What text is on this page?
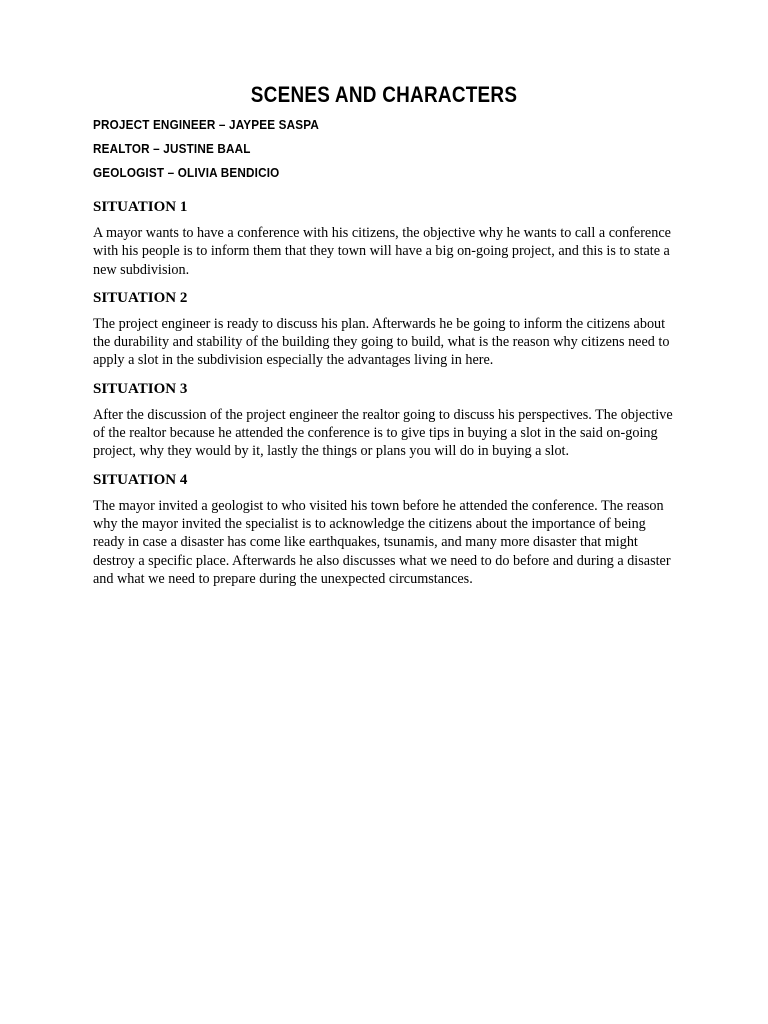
SCENES AND CHARACTERS
PROJECT ENGINEER – JAYPEE SASPA
REALTOR – JUSTINE BAAL
GEOLOGIST – OLIVIA BENDICIO
SITUATION 1

A mayor wants to have a conference with his citizens, the objective why he wants to call a conference with his people is to inform them that they town will have a big on-going project, and this is to state a new subdivision.

SITUATION 2

The project engineer is ready to discuss his plan. Afterwards he be going to inform the citizens about the durability and stability of the building they going to build, what is the reason why citizens need to apply a slot in the subdivision especially the advantages living in here.

SITUATION 3

After the discussion of the project engineer the realtor going to discuss his perspectives. The objective of the realtor because he attended the conference is to give tips in buying a slot in the said on-going project, why they would by it, lastly the things or plans you will do in buying a slot.

SITUATION 4

The mayor invited a geologist to who visited his town before he attended the conference. The reason why the mayor invited the specialist is to acknowledge the citizens about the importance of being ready in case a disaster has come like earthquakes, tsunamis, and many more disaster that might destroy a specific place. Afterwards he also discusses what we need to do before and during a disaster and what we need to prepare during the unexpected circumstances.
